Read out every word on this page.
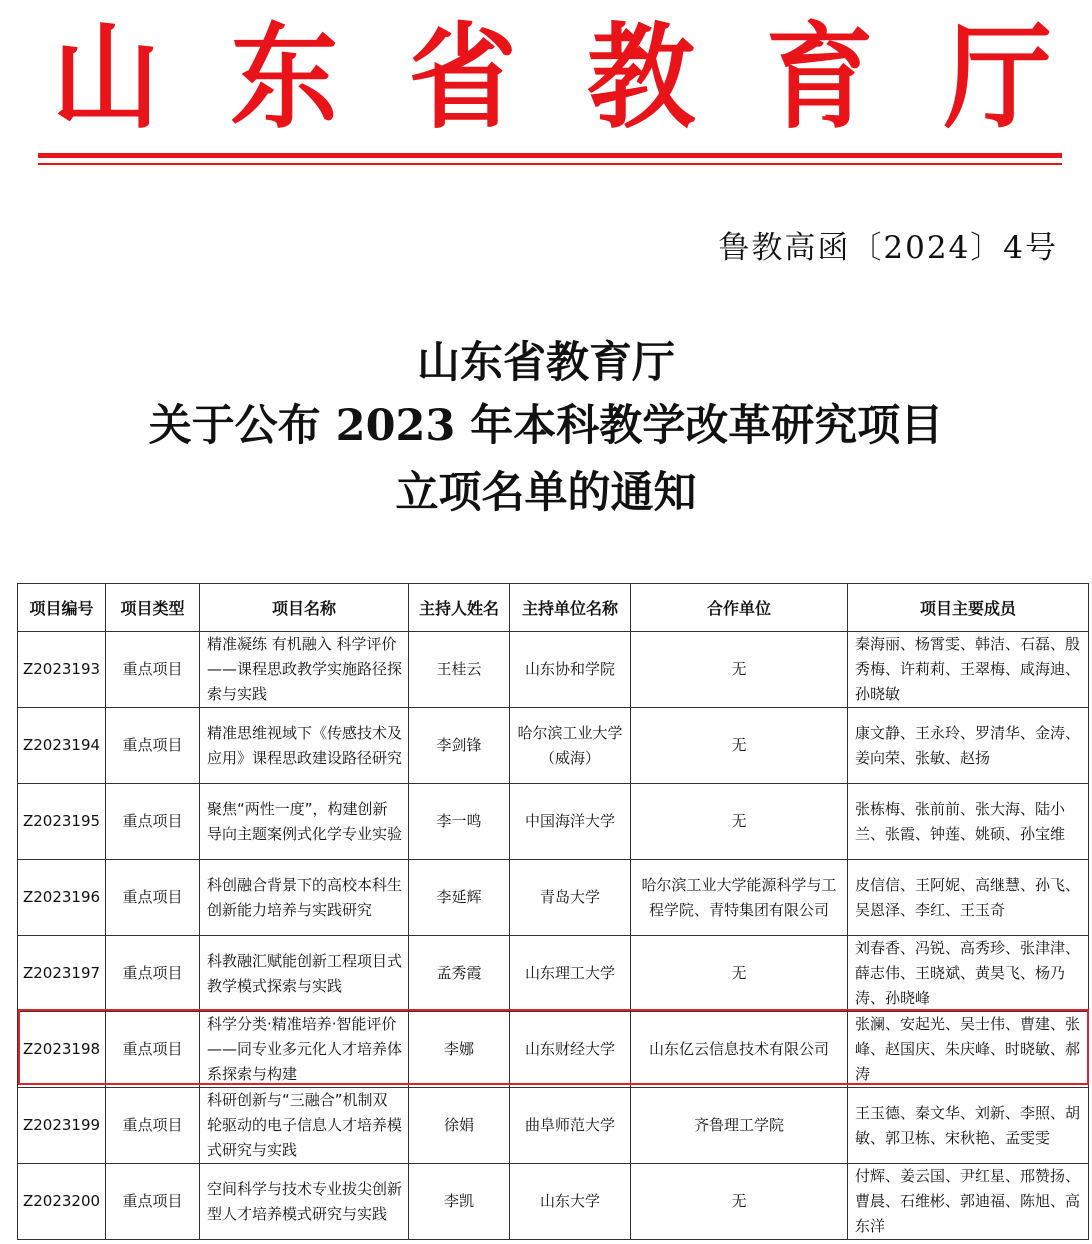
山 东 省 教 育 厅
鲁教高函〔2024〕4号
山东省教育厅
关于公布 2023 年本科教学改革研究项目
立项名单的通知
项目编号	项目类型	项目名称	主持人姓名	主持单位名称	合作单位	项目主要成员
Z2023193	重点项目	精准凝练 有机融入 科学评价——课程思政教学实施路径探索与实践	王桂云	山东协和学院	无	秦海丽、杨霄雯、韩洁、石磊、殷秀梅、许莉莉、王翠梅、咸海迪、孙晓敏
Z2023194	重点项目	精准思维视域下《传感技术及应用》课程思政建设路径研究	李剑锋	哈尔滨工业大学（威海）	无	康文静、王永玲、罗清华、金涛、姜向荣、张敏、赵扬
Z2023195	重点项目	聚焦“两性一度”，构建创新导向主题案例式化学专业实验	李一鸣	中国海洋大学	无	张栋梅、张前前、张大海、陆小兰、张霞、钟莲、姚硕、孙宝维
Z2023196	重点项目	科创融合背景下的高校本科生创新能力培养与实践研究	李延辉	青岛大学	哈尔滨工业大学能源科学与工程学院、青特集团有限公司	皮信信、王阿妮、高继慧、孙飞、吴恩泽、李红、王玉奇
Z2023197	重点项目	科教融汇赋能创新工程项目式教学模式探索与实践	孟秀霞	山东理工大学	无	刘春香、冯锐、高秀珍、张津津、薛志伟、王晓斌、黄昊飞、杨乃涛、孙晓峰
Z2023198	重点项目	科学分类·精准培养·智能评价——同专业多元化人才培养体系探索与构建	李娜	山东财经大学	山东亿云信息技术有限公司	张澜、安起光、吴士伟、曹建、张峰、赵国庆、朱庆峰、时晓敏、郝涛
Z2023199	重点项目	科研创新与“三融合”机制双轮驱动的电子信息人才培养模式研究与实践	徐娟	曲阜师范大学	齐鲁理工学院	王玉德、秦文华、刘新、李照、胡敏、郭卫栋、宋秋艳、孟雯雯
Z2023200	重点项目	空间科学与技术专业拔尖创新型人才培养模式研究与实践	李凯	山东大学	无	付辉、姜云国、尹红星、邢赞扬、曹晨、石维彬、郭迪福、陈旭、高东洋
